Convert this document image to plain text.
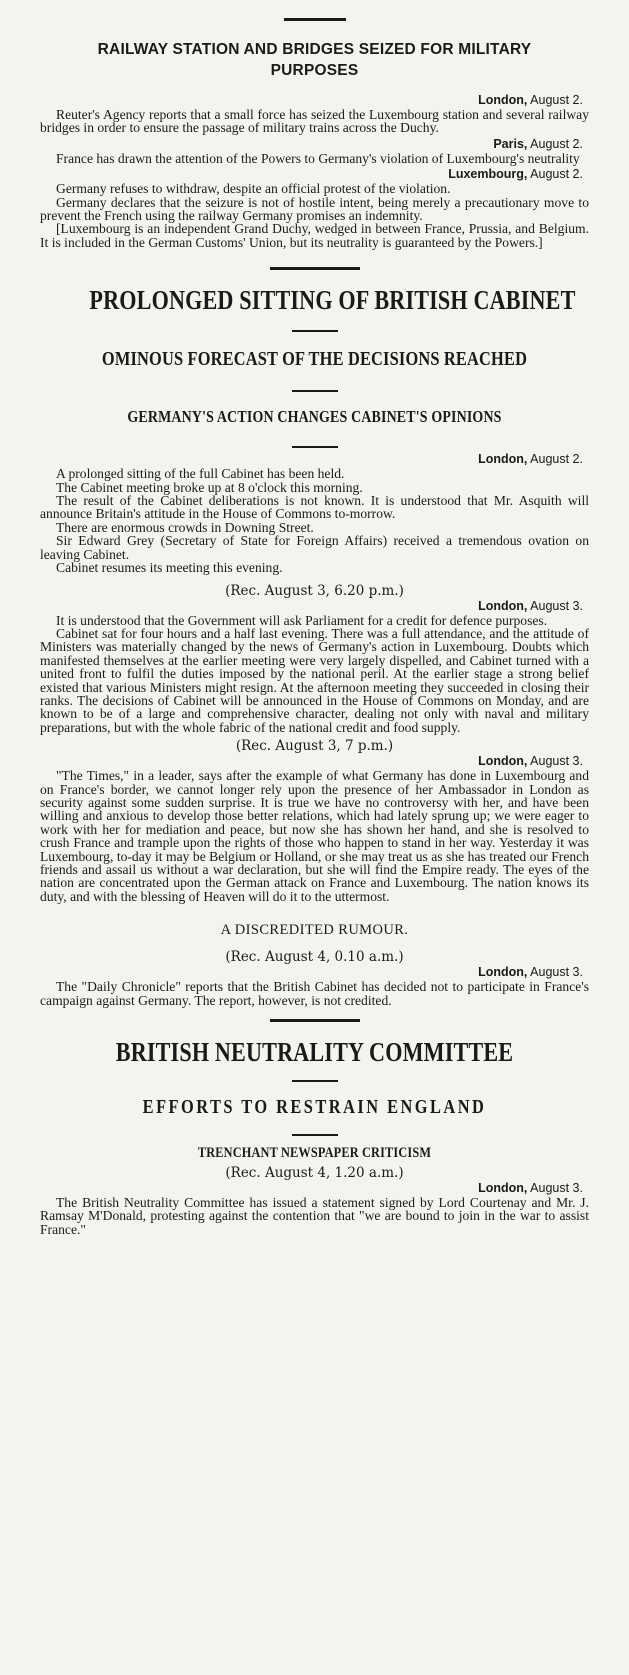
RAILWAY STATION AND BRIDGES SEIZED FOR MILITARY PURPOSES
London, August 2.

Reuter's Agency reports that a small force has seized the Luxembourg station and several railway bridges in order to ensure the passage of military trains across the Duchy.

Paris, August 2.

France has drawn the attention of the Powers to Germany's violation of Luxembourg's neutrality

Luxembourg, August 2.

Germany refuses to withdraw, despite an official protest of the violation.

Germany declares that the seizure is not of hostile intent, being merely a precautionary move to prevent the French using the railway Germany promises an indemnity.

[Luxembourg is an independent Grand Duchy, wedged in between France, Prussia, and Belgium. It is included in the German Customs' Union, but its neutrality is guaranteed by the Powers.]

PROLONGED SITTING OF BRITISH CABINET
OMINOUS FORECAST OF THE DECISIONS REACHED
GERMANY'S ACTION CHANGES CABINET'S OPINIONS
London, August 2.

A prolonged sitting of the full Cabinet has been held.

The Cabinet meeting broke up at 8 o'clock this morning.

The result of the Cabinet deliberations is not known. It is understood that Mr. Asquith will announce Britain's attitude in the House of Commons to-morrow.

There are enormous crowds in Downing Street.

Sir Edward Grey (Secretary of State for Foreign Affairs) received a tremendous ovation on leaving Cabinet.

Cabinet resumes its meeting this evening.

(Rec. August 3, 6.20 p.m.)
London, August 3.

It is understood that the Government will ask Parliament for a credit for defence purposes.

Cabinet sat for four hours and a half last evening. There was a full attendance, and the attitude of Ministers was materially changed by the news of Germany's action in Luxembourg. Doubts which manifested themselves at the earlier meeting were very largely dispelled, and Cabinet turned with a united front to fulfil the duties imposed by the national peril. At the earlier stage a strong belief existed that various Ministers might resign. At the afternoon meeting they succeeded in closing their ranks. The decisions of Cabinet will be announced in the House of Commons on Monday, and are known to be of a large and comprehensive character, dealing not only with naval and military preparations, but with the whole fabric of the national credit and food supply.

(Rec. August 3, 7 p.m.)
London, August 3.

"The Times," in a leader, says after the example of what Germany has done in Luxembourg and on France's border, we cannot longer rely upon the presence of her Ambassador in London as security against some sudden surprise. It is true we have no controversy with her, and have been willing and anxious to develop those better relations, which had lately sprung up; we were eager to work with her for mediation and peace, but now she has shown her hand, and she is resolved to crush France and trample upon the rights of those who happen to stand in her way. Yesterday it was Luxembourg, to-day it may be Belgium or Holland, or she may treat us as she has treated our French friends and assail us without a war declaration, but she will find the Empire ready. The eyes of the nation are concentrated upon the German attack on France and Luxembourg. The nation knows its duty, and with the blessing of Heaven will do it to the uttermost.

A DISCREDITED RUMOUR.
(Rec. August 4, 0.10 a.m.)
London, August 3.

The "Daily Chronicle" reports that the British Cabinet has decided not to participate in France's campaign against Germany. The report, however, is not credited.

BRITISH NEUTRALITY COMMITTEE
EFFORTS TO RESTRAIN ENGLAND
TRENCHANT NEWSPAPER CRITICISM
(Rec. August 4, 1.20 a.m.)
London, August 3.

The British Neutrality Committee has issued a statement signed by Lord Courtenay and Mr. J. Ramsay M'Donald, protesting against the contention that "we are bound to join in the war to assist France."
